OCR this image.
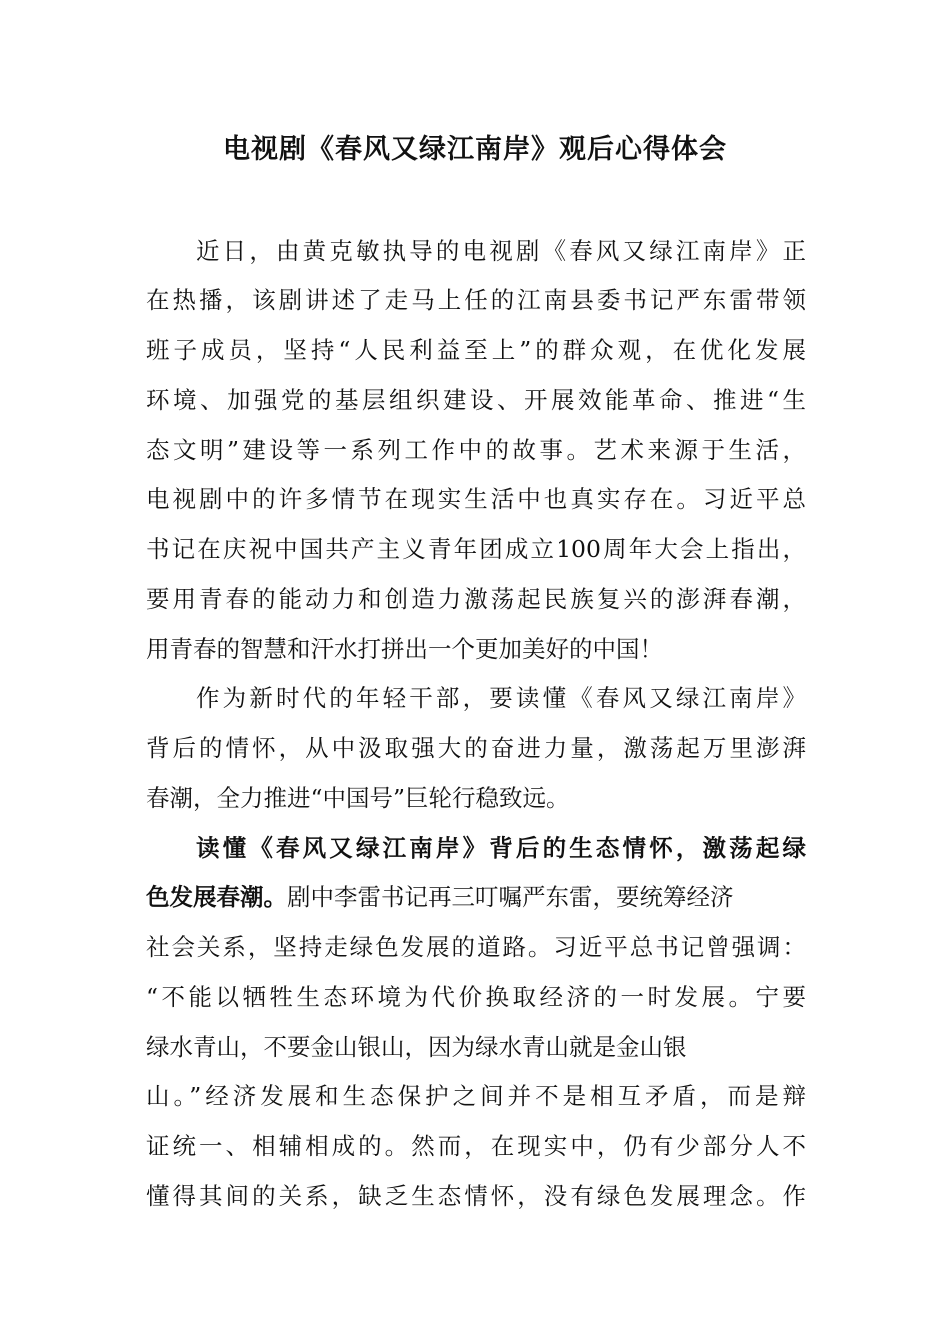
电视剧《春风又绿江南岸》观后心得体会
近日，由黄克敏执导的电视剧《春风又绿江南岸》正
在热播，该剧讲述了走马上任的江南县委书记严东雷带领
班子成员，坚持“人民利益至上”的群众观，在优化发展
环境、加强党的基层组织建设、开展效能革命、推进“生
态文明”建设等一系列工作中的故事。艺术来源于生活，
电视剧中的许多情节在现实生活中也真实存在。习近平总
书记在庆祝中国共产主义青年团成立100周年大会上指出，
要用青春的能动力和创造力激荡起民族复兴的澎湃春潮，
用青春的智慧和汗水打拼出一个更加美好的中国！
作为新时代的年轻干部，要读懂《春风又绿江南岸》
背后的情怀，从中汲取强大的奋进力量，激荡起万里澎湃
春潮，全力推进“中国号”巨轮行稳致远。
读懂《春风又绿江南岸》背后的生态情怀，激荡起绿
色发展春潮。剧中李雷书记再三叮嘱严东雷，要统筹经济
社会关系，坚持走绿色发展的道路。习近平总书记曾强调：
“不能以牺牲生态环境为代价换取经济的一时发展。宁要
绿水青山，不要金山银山，因为绿水青山就是金山银
山。”经济发展和生态保护之间并不是相互矛盾，而是辩
证统一、相辅相成的。然而，在现实中，仍有少部分人不
懂得其间的关系，缺乏生态情怀，没有绿色发展理念。作
